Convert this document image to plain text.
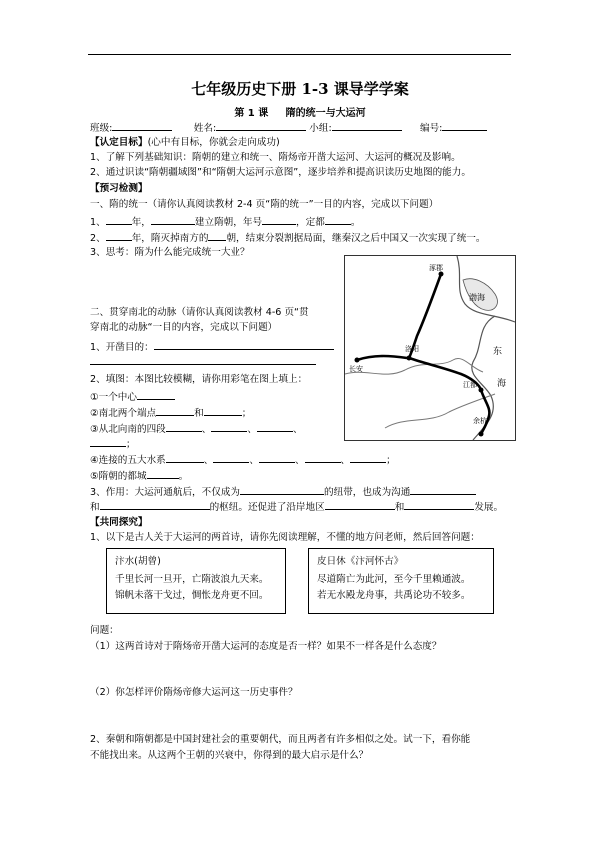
七年级历史下册 1-3 课导学学案
第 1 课 隋的统一与大运河
班级:	姓名:	小组:	编号:
【认定目标】(心中有目标，你就会走向成功)
1、了解下列基础知识：隋朝的建立和统一、隋炀帝开凿大运河、大运河的概况及影响。
2、通过识读“隋朝疆域图”和“隋朝大运河示意图”，逐步培养和提高识读历史地图的能力。
【预习检测】
一、隋的统一（请你认真阅读教材 2-4 页“隋的统一”一目的内容，完成以下问题）
1、	年，	建立隋朝，年号	，定都	。
2、	年，隋灭掉南方的 朝，结束分裂割据局面，继秦汉之后中国又一次实现了统一。
3、思考：隋为什么能完成统一大业？
二、贯穿南北的动脉（请你认真阅读教材 4-6 页“贯
穿南北的动脉“一目的内容，完成以下问题）
1、开凿目的：
2、填图：本图比较模糊，请你用彩笔在图上填上：
①一个中心
②南北两个端点	和	；
③从北向南的四段	、	、	、
；
④连接的五大水系	、	、	、	、	；
⑤隋朝的都城	。
3、作用：大运河通航后，不仅成为	的纽带，也成为沟通
和	的枢纽。还促进了沿岸地区	和	发展。
涿郡
渤海
东
海
洛阳
长安
江都
余杭
【共同探究】
1、以下是古人关于大运河的两首诗，请你先阅读理解，不懂的地方问老师，然后回答问题：
汴水(胡曾)
千里长河一旦开，亡隋波浪九天来。
锦帆未落干戈过，惆怅龙舟更不回。
皮日休《汴河怀古》
尽道隋亡为此河，至今千里赖通波。
若无水殿龙舟事，共禹论功不较多。
问题：
（1）这两首诗对于隋炀帝开凿大运河的态度是否一样？如果不一样各是什么态度？
（2）你怎样评价隋炀帝修大运河这一历史事件？
2、秦朝和隋朝都是中国封建社会的重要朝代，而且两者有许多相似之处。试一下，看你能
不能找出来。从这两个王朝的兴衰中，你得到的最大启示是什么？
